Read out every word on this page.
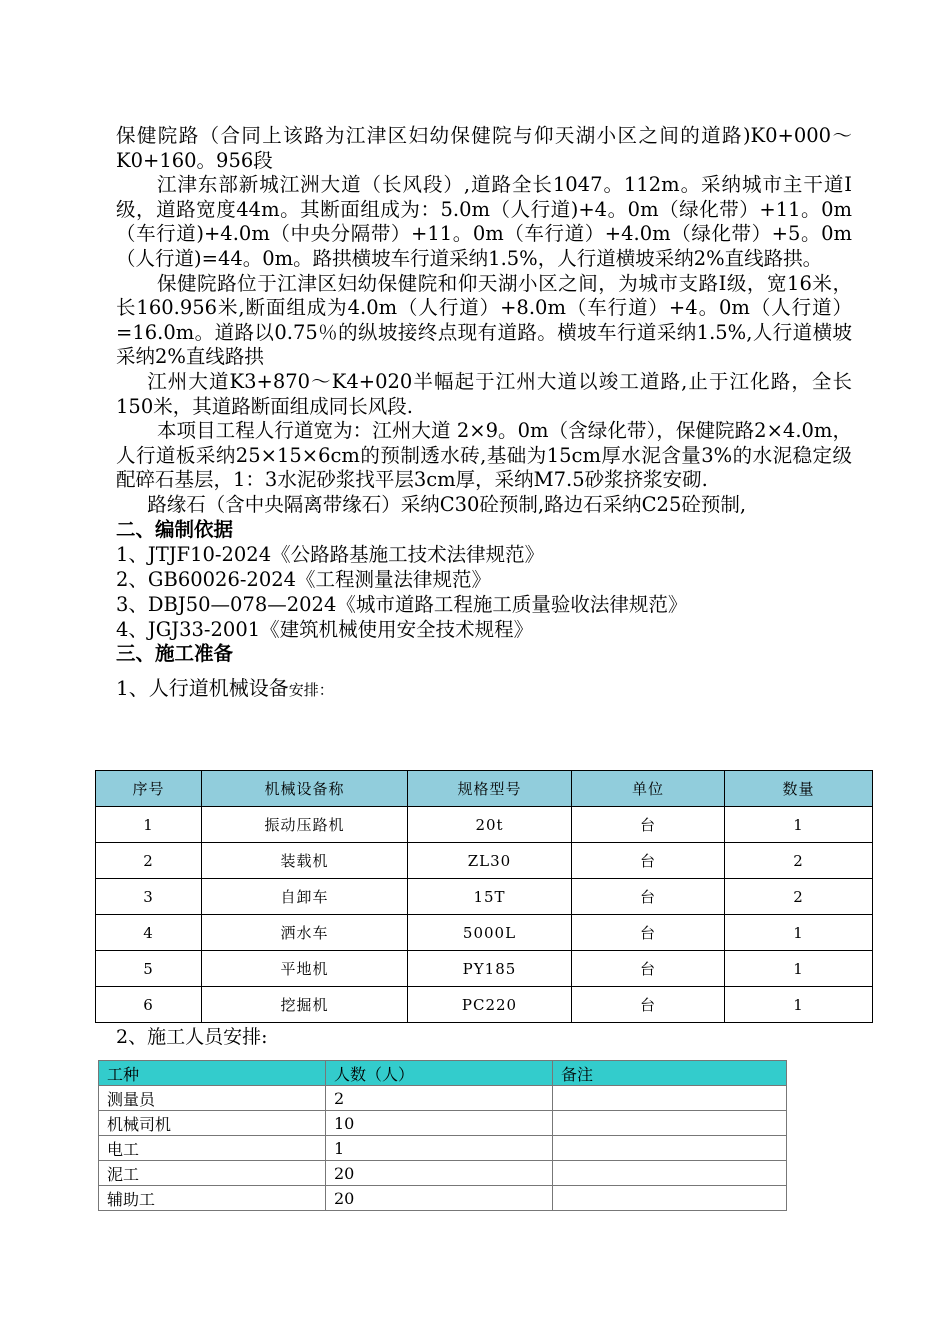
保健院路（合同上该路为江津区妇幼保健院与仰天湖小区之间的道路)K0+000～K0+160。956段

江津东部新城江洲大道（长风段）,道路全长1047。112m。采纳城市主干道Ⅰ级，道路宽度44m。其断面组成为：5.0m（人行道)+4。0m（绿化带）+11。0m（车行道)+4.0m（中央分隔带）+11。0m（车行道）+4.0m（绿化带）+5。0m（人行道)=44。0m。路拱横坡车行道采纳1.5%，人行道横坡采纳2%直线路拱。

保健院路位于江津区妇幼保健院和仰天湖小区之间，为城市支路I级，宽16米，长160.956米,断面组成为4.0m（人行道）+8.0m（车行道）+4。0m（人行道）=16.0m。道路以0.75％的纵坡接终点现有道路。横坡车行道采纳1.5%,人行道横坡采纳2%直线路拱

江州大道K3+870～K4+020半幅起于江州大道以竣工道路,止于江化路，全长150米，其道路断面组成同长风段.

本项目工程人行道宽为：江州大道 2×9。0m（含绿化带），保健院路2×4.0m，人行道板采纳25×15×6cm的预制透水砖,基础为15cm厚水泥含量3%的水泥稳定级配碎石基层，1：3水泥砂浆找平层3cm厚，采纳M7.5砂浆挤浆安砌.

路缘石（含中央隔离带缘石）采纳C30砼预制,路边石采纳C25砼预制,

二、编制依据

1、JTJF10-2024《公路路基施工技术法律规范》

2、GB60026-2024《工程测量法律规范》

3、DBJ50—078—2024《城市道路工程施工质量验收法律规范》

4、JGJ33-2001《建筑机械使用安全技术规程》

三、施工准备

1、人行道机械设备安排：

序号	机械设备称	规格型号	单位	数量
1	振动压路机	20t	台	1
2	装载机	ZL30	台	2
3	自卸车	15T	台	2
4	洒水车	5000L	台	1
5	平地机	PY185	台	1
6	挖掘机	PC220	台	1
2、施工人员安排:
工种	人数（人）	备注
测量员	2	
机械司机	10	
电工	1	
泥工	20	
辅助工	20	
